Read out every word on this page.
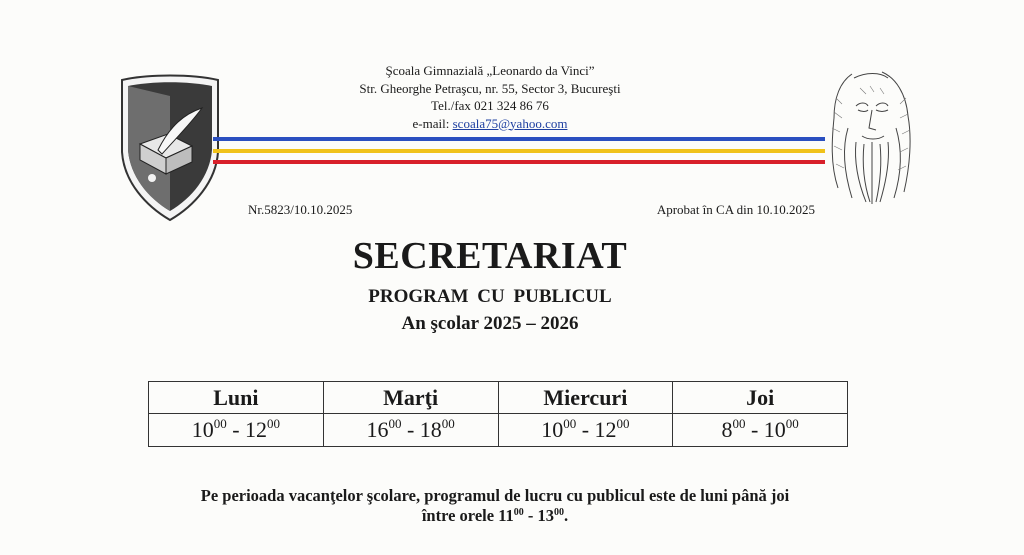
Şcoala Gimnazială „Leonardo da Vinci”
Str. Gheorghe Petraşcu, nr. 55, Sector 3, Bucureşti
Tel./fax 021 324 86 76
e-mail: scoala75@yahoo.com
Nr.5823/10.10.2025	Aprobat în CA din 10.10.2025
SECRETARIAT
PROGRAM CU PUBLICUL
An şcolar 2025 – 2026
Luni	Marţi	Miercuri	Joi
$10^{00} - 12^{00}$	$16^{00} - 18^{00}$	$10^{00} - 12^{00}$	$8^{00} - 10^{00}$
Pe perioada vacanţelor şcolare, programul de lucru cu publicul este de luni până joi
între orele $11^{00} - 13^{00}$.
